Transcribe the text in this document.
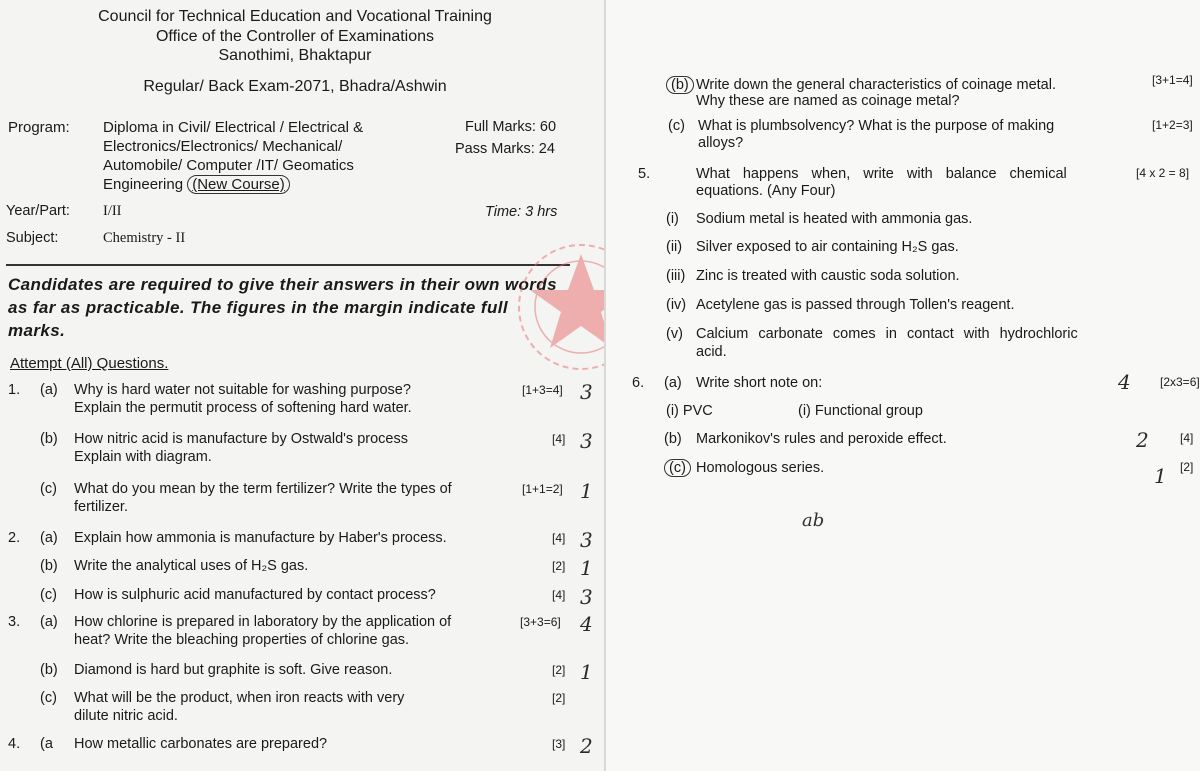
Council for Technical Education and Vocational Training
Office of the Controller of Examinations
Sanothimi, Bhaktapur
Regular/ Back Exam-2071, Bhadra/Ashwin
Program: Diploma in Civil/ Electrical / Electrical &
Electronics/Electronics/ Mechanical/
Automobile/ Computer /IT/ Geomatics
Engineering (New Course)
Full Marks: 60
Pass Marks: 24
Year/Part: I/II	Time: 3 hrs
Subject:	Chemistry - II
Candidates are required to give their answers in their own words as far as practicable. The figures in the margin indicate full marks.
Attempt (All) Questions.
1. (a) Why is hard water not suitable for washing purpose?
Explain the permutit process of softening hard water.
[1+3=4] 3
(b) How nitric acid is manufacture by Ostwald's process
Explain with diagram.
[4] 3
(c) What do you mean by the term fertilizer? Write the types of
fertilizer.
[1+1=2] 1
2. (a) Explain how ammonia is manufacture by Haber's process.	[4] 3
(b) Write the analytical uses of H₂S gas.	[2] 1
(c) How is sulphuric acid manufactured by contact process?	[4] 3
3. (a) How chlorine is prepared in laboratory by the application of
heat? Write the bleaching properties of chlorine gas.
[3+3=6] 4
(b) Diamond is hard but graphite is soft. Give reason.	[2] 1
(c) What will be the product, when iron reacts with very
dilute nitric acid.
[2]
4. (a How metallic carbonates are prepared?	[3] 2
(b) Write down the general characteristics of coinage metal.
Why these are named as coinage metal?
[3+1=4]
(c) What is plumbsolvency? What is the purpose of making
alloys?
[1+2=3]
5.	What happens when, write with balance chemical
equations. (Any Four)
[4 x 2 = 8]
(i) Sodium metal is heated with ammonia gas.
(ii) Silver exposed to air containing H₂S gas.
(iii) Zinc is treated with caustic soda solution.
(iv) Acetylene gas is passed through Tollen's reagent.
(v) Calcium carbonate comes in contact with hydrochloric
acid.
6. (a) Write short note on:	[2x3=6]
4
(i) PVC	(i) Functional group
(b) Markonikov's rules and peroxide effect.	[4]
2
(c) Homologous series.	[2]
1
ab
